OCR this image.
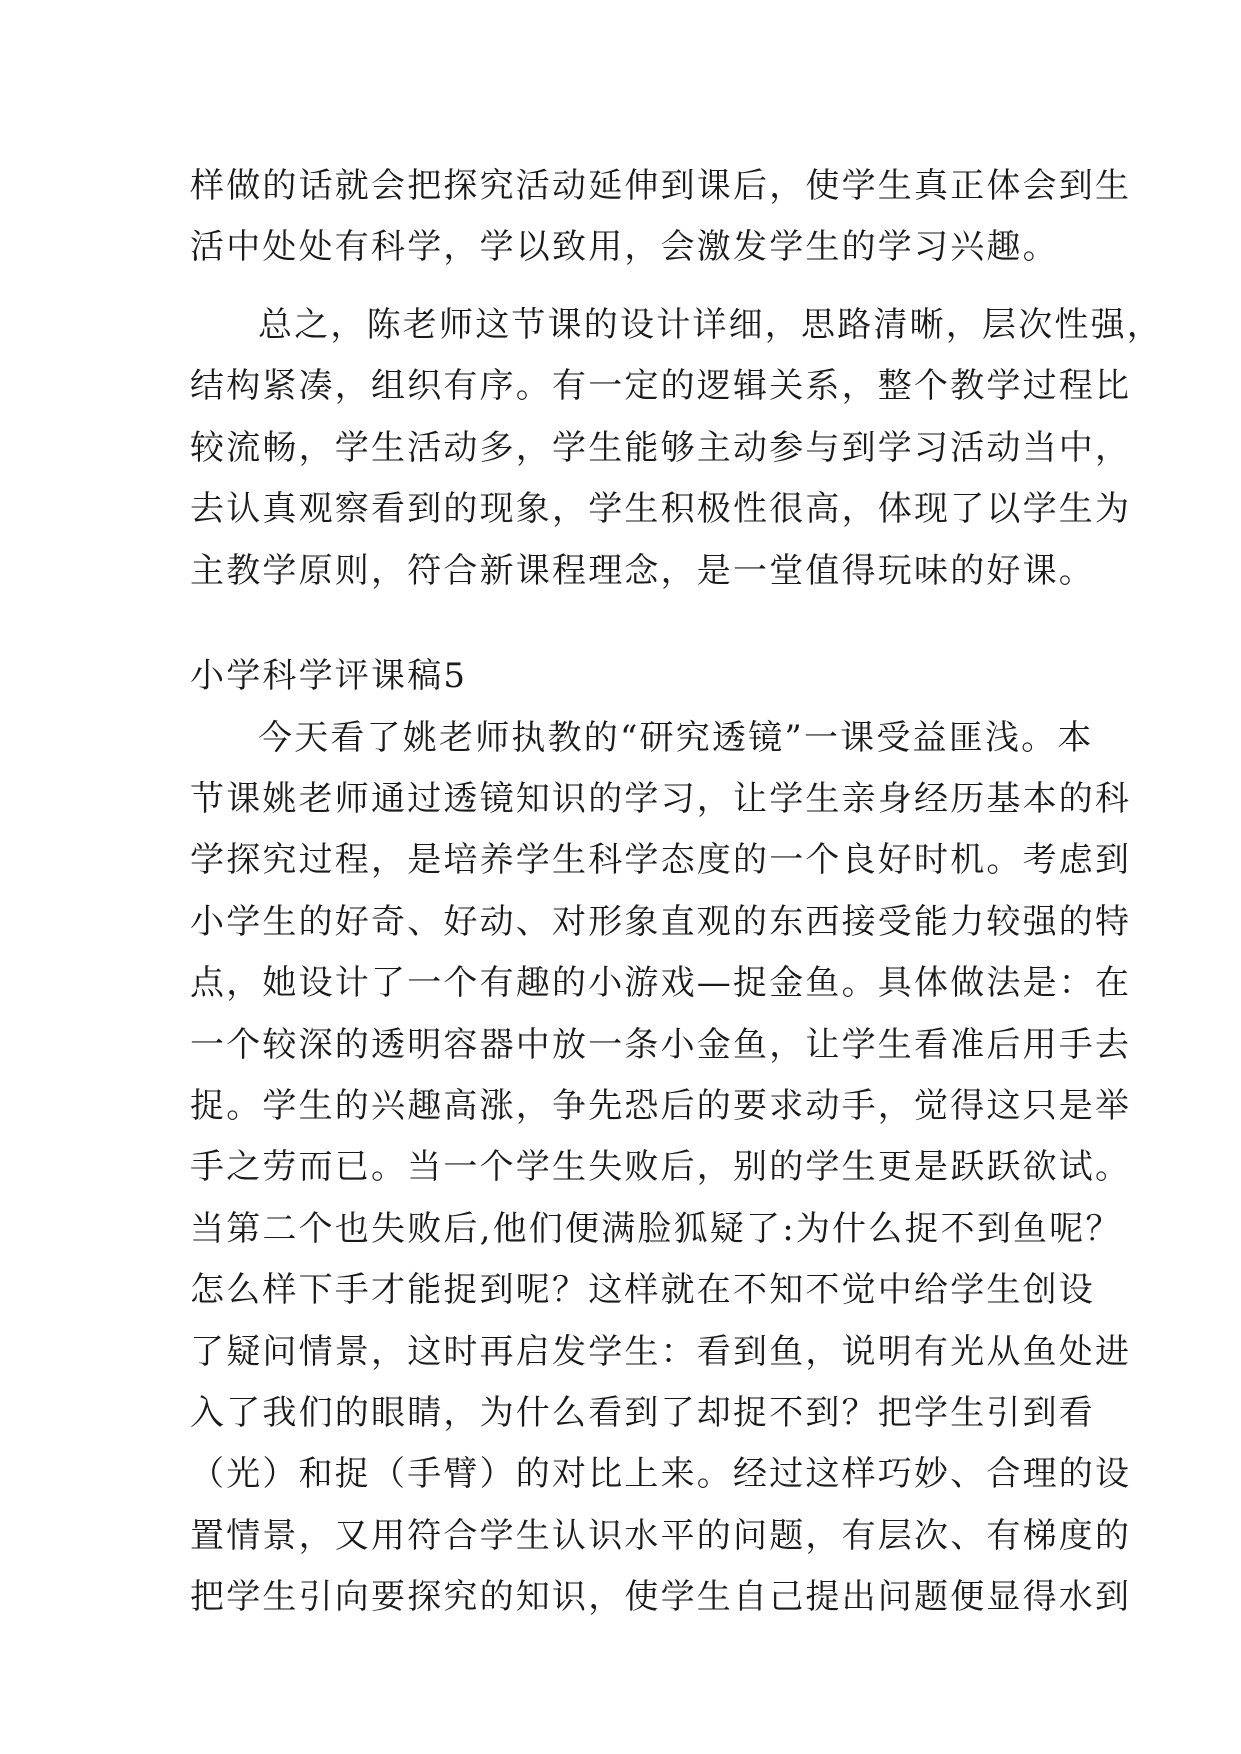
样做的话就会把探究活动延伸到课后，使学生真正体会到生
活中处处有科学，学以致用，会激发学生的学习兴趣。
总之，陈老师这节课的设计详细，思路清晰，层次性强，
结构紧凑，组织有序。有一定的逻辑关系，整个教学过程比
较流畅，学生活动多，学生能够主动参与到学习活动当中，
去认真观察看到的现象，学生积极性很高，体现了以学生为
主教学原则，符合新课程理念，是一堂值得玩味的好课。
小学科学评课稿5
今天看了姚老师执教的“研究透镜”一课受益匪浅。本
节课姚老师通过透镜知识的学习，让学生亲身经历基本的科
学探究过程，是培养学生科学态度的一个良好时机。考虑到
小学生的好奇、好动、对形象直观的东西接受能力较强的特
点，她设计了一个有趣的小游戏—捉金鱼。具体做法是：在
一个较深的透明容器中放一条小金鱼，让学生看准后用手去
捉。学生的兴趣高涨，争先恐后的要求动手，觉得这只是举
手之劳而已。当一个学生失败后，别的学生更是跃跃欲试。
当第二个也失败后,他们便满脸狐疑了:为什么捉不到鱼呢？
怎么样下手才能捉到呢？这样就在不知不觉中给学生创设
了疑问情景，这时再启发学生：看到鱼，说明有光从鱼处进
入了我们的眼睛，为什么看到了却捉不到？把学生引到看
（光）和捉（手臂）的对比上来。经过这样巧妙、合理的设
置情景，又用符合学生认识水平的问题，有层次、有梯度的
把学生引向要探究的知识，使学生自己提出问题便显得水到
